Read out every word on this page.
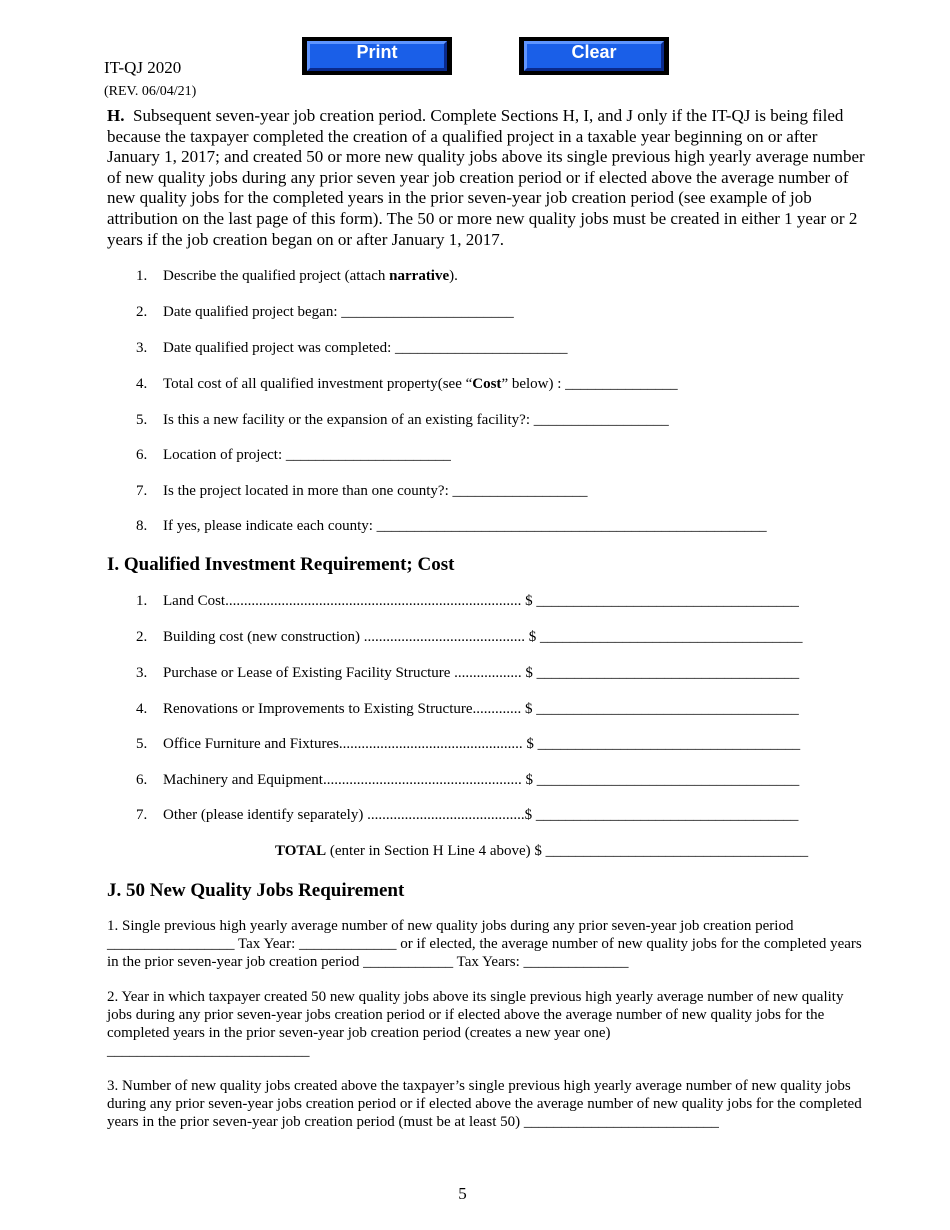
IT-QJ 2020
(REV. 06/04/21)
Print	Clear
H. Subsequent seven-year job creation period. Complete Sections H, I, and J only if the IT-QJ is being filed because the taxpayer completed the creation of a qualified project in a taxable year beginning on or after January 1, 2017; and created 50 or more new quality jobs above its single previous high yearly average number of new quality jobs during any prior seven year job creation period or if elected above the average number of new quality jobs for the completed years in the prior seven-year job creation period (see example of job attribution on the last page of this form). The 50 or more new quality jobs must be created in either 1 year or 2 years if the job creation began on or after January 1, 2017.
1. Describe the qualified project (attach narrative).
2. Date qualified project began: _______________________
3. Date qualified project was completed: _______________________
4. Total cost of all qualified investment property(see “Cost” below) : _______________
5. Is this a new facility or the expansion of an existing facility?: __________________
6. Location of project: ______________________
7. Is the project located in more than one county?: __________________
8. If yes, please indicate each county: ____________________________________________________
I. Qualified Investment Requirement; Cost
1. Land Cost............................................................................... $ ___________________________________
2. Building cost (new construction) ........................................... $ ___________________________________
3. Purchase or Lease of Existing Facility Structure .................. $ ___________________________________
4. Renovations or Improvements to Existing Structure............. $ ___________________________________
5. Office Furniture and Fixtures................................................. $ ___________________________________
6. Machinery and Equipment..................................................... $ ___________________________________
7. Other (please identify separately) ..........................................$ ___________________________________
TOTAL (enter in Section H Line 4 above) $ ___________________________________
J. 50 New Quality Jobs Requirement
1. Single previous high yearly average number of new quality jobs during any prior seven-year job creation period _________________ Tax Year: _____________ or if elected, the average number of new quality jobs for the completed years in the prior seven-year job creation period ____________ Tax Years: ______________
2. Year in which taxpayer created 50 new quality jobs above its single previous high yearly average number of new quality jobs during any prior seven-year jobs creation period or if elected above the average number of new quality jobs for the completed years in the prior seven-year job creation period (creates a new year one)
___________________________
3. Number of new quality jobs created above the taxpayer’s single previous high yearly average number of new quality jobs during any prior seven-year jobs creation period or if elected above the average number of new quality jobs for the completed years in the prior seven-year job creation period (must be at least 50) __________________________
5
